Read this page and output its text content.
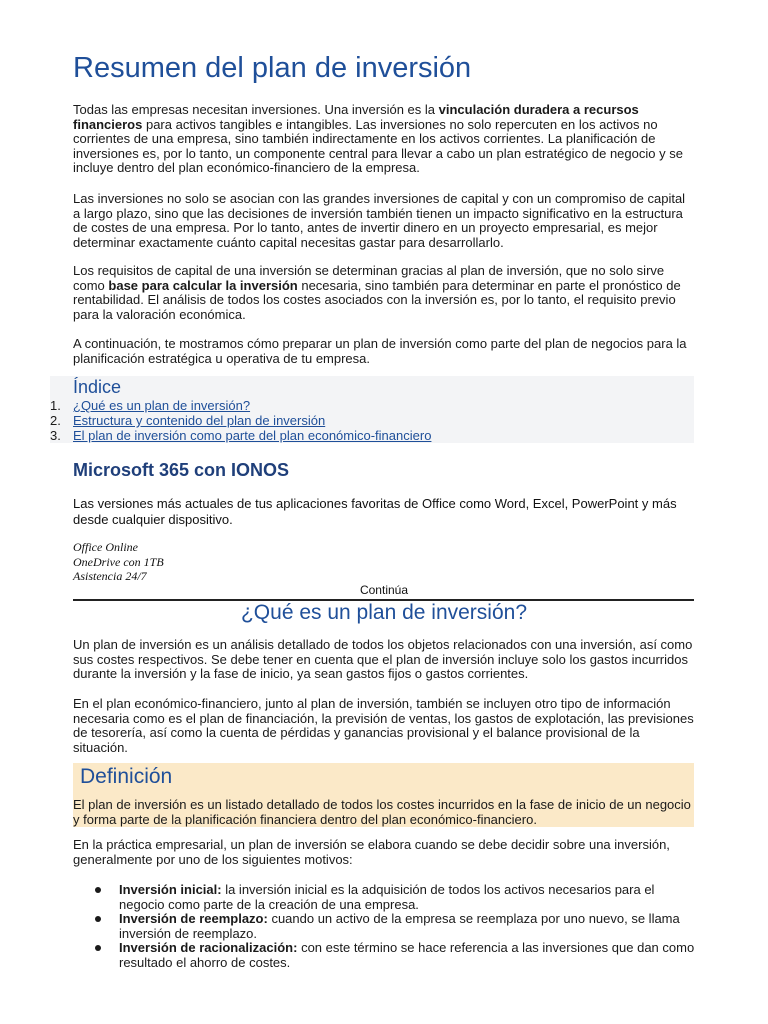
Resumen del plan de inversión

Todas las empresas necesitan inversiones. Una inversión es la vinculación duradera a recursos financieros para activos tangibles e intangibles. Las inversiones no solo repercuten en los activos no corrientes de una empresa, sino también indirectamente en los activos corrientes. La planificación de inversiones es, por lo tanto, un componente central para llevar a cabo un plan estratégico de negocio y se incluye dentro del plan económico-financiero de la empresa.

Las inversiones no solo se asocian con las grandes inversiones de capital y con un compromiso de capital a largo plazo, sino que las decisiones de inversión también tienen un impacto significativo en la estructura de costes de una empresa. Por lo tanto, antes de invertir dinero en un proyecto empresarial, es mejor determinar exactamente cuánto capital necesitas gastar para desarrollarlo.

Los requisitos de capital de una inversión se determinan gracias al plan de inversión, que no solo sirve como base para calcular la inversión necesaria, sino también para determinar en parte el pronóstico de rentabilidad. El análisis de todos los costes asociados con la inversión es, por lo tanto, el requisito previo para la valoración económica.

A continuación, te mostramos cómo preparar un plan de inversión como parte del plan de negocios para la planificación estratégica u operativa de tu empresa.

Índice
1. ¿Qué es un plan de inversión?
2. Estructura y contenido del plan de inversión
3. El plan de inversión como parte del plan económico-financiero
Microsoft 365 con IONOS

Las versiones más actuales de tus aplicaciones favoritas de Office como Word, Excel, PowerPoint y más desde cualquier dispositivo.

Office Online
OneDrive con 1TB
Asistencia 24/7
Continúa
¿Qué es un plan de inversión?

Un plan de inversión es un análisis detallado de todos los objetos relacionados con una inversión, así como sus costes respectivos. Se debe tener en cuenta que el plan de inversión incluye solo los gastos incurridos durante la inversión y la fase de inicio, ya sean gastos fijos o gastos corrientes.

En el plan económico-financiero, junto al plan de inversión, también se incluyen otro tipo de información necesaria como es el plan de financiación, la previsión de ventas, los gastos de explotación, las previsiones de tesorería, así como la cuenta de pérdidas y ganancias provisional y el balance provisional de la situación.

Definición

El plan de inversión es un listado detallado de todos los costes incurridos en la fase de inicio de un negocio y forma parte de la planificación financiera dentro del plan económico-financiero.

En la práctica empresarial, un plan de inversión se elabora cuando se debe decidir sobre una inversión, generalmente por uno de los siguientes motivos:

Inversión inicial: la inversión inicial es la adquisición de todos los activos necesarios para el negocio como parte de la creación de una empresa.
Inversión de reemplazo: cuando un activo de la empresa se reemplaza por uno nuevo, se llama inversión de reemplazo.
Inversión de racionalización: con este término se hace referencia a las inversiones que dan como resultado el ahorro de costes.
